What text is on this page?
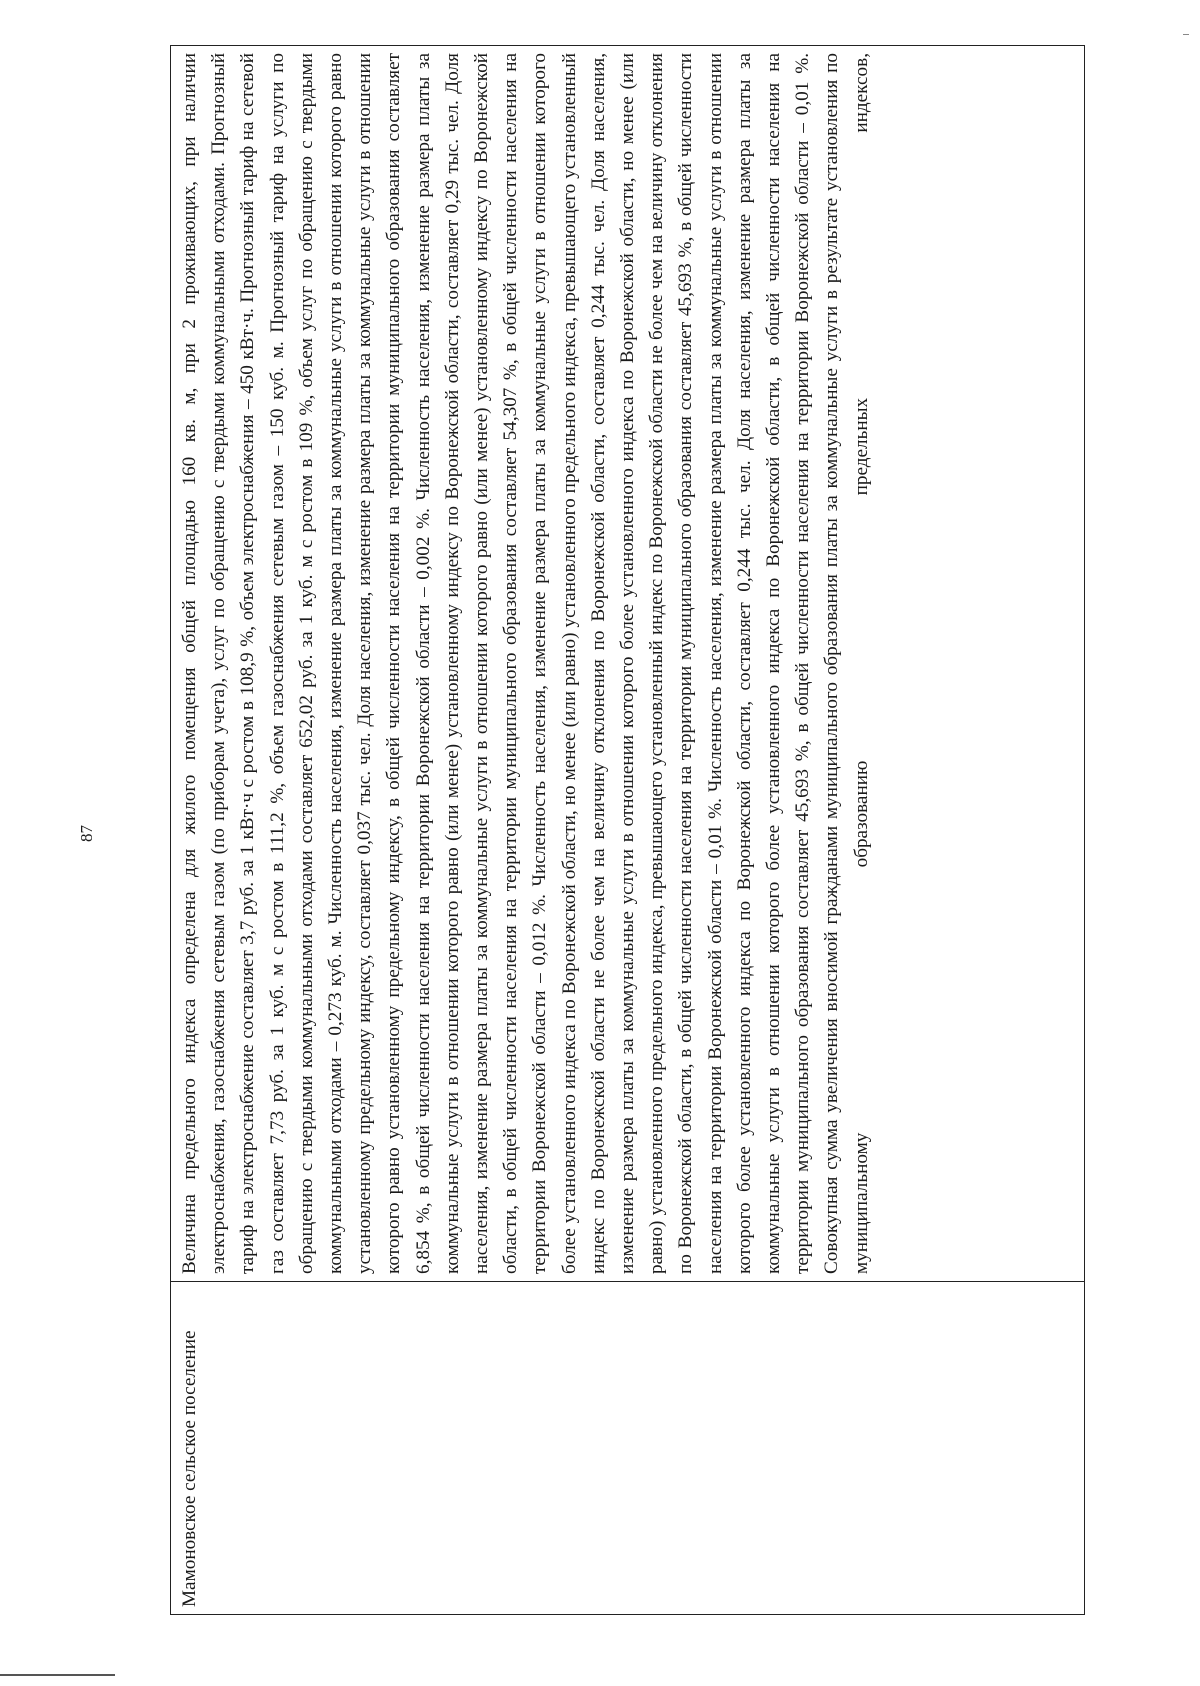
87
Мамоновское сельское поселение	

Величина предельного индекса определена для жилого помещения общей площадью 160 кв. м, при 2 проживающих, при наличии электроснабжения, газоснабжения сетевым газом (по приборам учета), услуг по обращению с твердыми коммунальными отходами. Прогнозный тариф на электроснабжение составляет 3,7 руб. за 1 кВт·ч с ростом в 108,9 %, объем электроснабжения – 450 кВт·ч. Прогнозный тариф на сетевой газ составляет 7,73 руб. за 1 куб. м с ростом в 111,2 %, объем газоснабжения сетевым газом – 150 куб. м. Прогнозный тариф на услуги по обращению с твердыми коммунальными отходами составляет 652,02 руб. за 1 куб. м с ростом в 109 %, объем услуг по обращению с твердыми коммунальными отходами – 0,273 куб. м. Численность населения, изменение размера платы за коммунальные услуги в отношении которого равно установленному предельному индексу, составляет 0,037 тыс. чел. Доля населения, изменение размера платы за коммунальные услуги в отношении которого равно установленному предельному индексу, в общей численности населения на территории муниципального образования составляет 6,854 %, в общей численности населения на территории Воронежской области – 0,002 %. Численность населения, изменение размера платы за коммунальные услуги в отношении которого равно (или менее) установленному индексу по Воронежской области, составляет 0,29 тыс. чел. Доля населения, изменение размера платы за коммунальные услуги в отношении которого равно (или менее) установленному индексу по Воронежской области, в общей численности населения на территории муниципального образования составляет 54,307 %, в общей численности населения на территории Воронежской области – 0,012 %. Численность населения, изменение размера платы за коммунальные услуги в отношении которого более установленного индекса по Воронежской области, но менее (или равно) установленного предельного индекса, превышающего установленный индекс по Воронежской области не более чем на величину отклонения по Воронежской области, составляет 0,244 тыс. чел. Доля населения, изменение размера платы за коммунальные услуги в отношении которого более установленного индекса по Воронежской области, но менее (или равно) установленного предельного индекса, превышающего установленный индекс по Воронежской области не более чем на величину отклонения по Воронежской области, в общей численности населения на территории муниципального образования составляет 45,693 %, в общей численности населения на территории Воронежской области – 0,01 %. Численность населения, изменение размера платы за коммунальные услуги в отношении которого более установленного индекса по Воронежской области, составляет 0,244 тыс. чел. Доля населения, изменение размера платы за коммунальные услуги в отношении которого более установленного индекса по Воронежской области, в общей численности населения на территории муниципального образования составляет 45,693 %, в общей численности населения на территории Воронежской области – 0,01 %. Совокупная сумма увеличения вносимой гражданами муниципального образования платы за коммунальные услуги в результате установления по муниципальному образованию предельных индексов,
